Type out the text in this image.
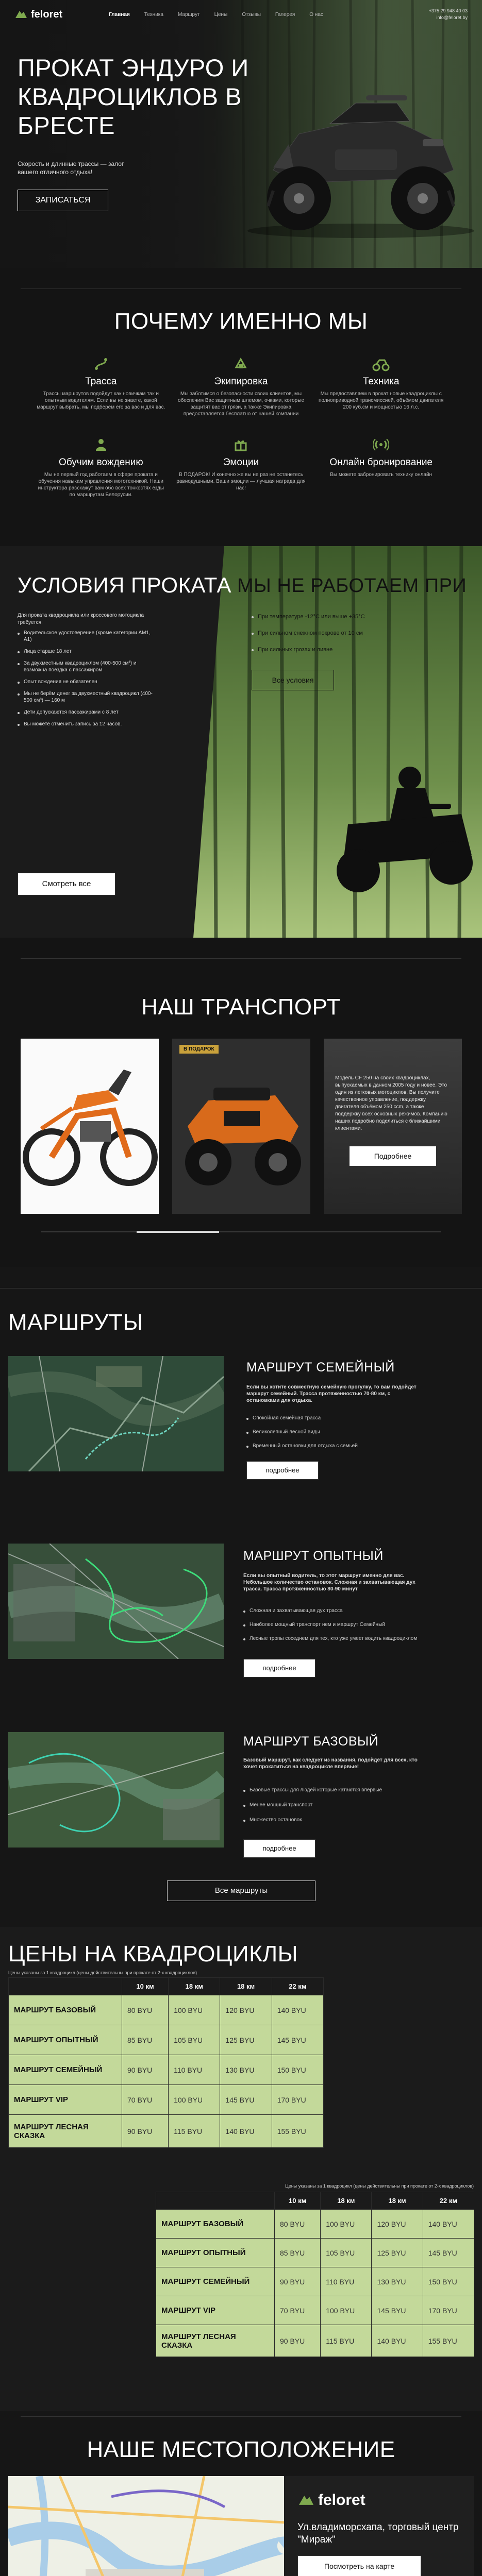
feloret	Главная	Техника	Маршрут	Цены	Отзывы	Галерея	О нас
+375 29 948 40 03
info@feloret.by
ПРОКАТ ЭНДУРО И КВАДРОЦИКЛОВ В БРЕСТЕ
Скорость и длинные трассы — залог вашего отличного отдыха!
ЗАПИСАТЬСЯ
ПОЧЕМУ ИМЕННО МЫ
Трасса
Трассы маршрутов подойдут как новичкам так и опытным водителям. Если вы не знаете, какой маршрут выбрать, мы подберем его за вас и для вас.
Экипировка
Мы заботимся о безопасности своих клиентов, мы обеспечим Вас защитным шлемом, очками, которые защитят вас от грязи, а также Экипировка предоставляется бесплатно от нашей компании
Техника
Мы предоставляем в прокат новые квадроциклы с полноприводной трансмиссией, объёмом двигателя 200 куб.см и мощностью 16 л.с.
Обучим вождению
Мы не первый год работаем в сфере проката и обучения навыкам управления мототехникой. Наши инструктора расскажут вам обо всех тонкостях езды по маршрутам Белорусии.
Эмоции
В ПОДАРОК! И конечно же вы не раз не останетесь равнодушными. Ваши эмоции — лучшая награда для нас!
Онлайн бронирование
Вы можете забронировать технику онлайн
УСЛОВИЯ ПРОКАТА
Для проката квадроцикла или кроссового мотоцикла требуется:
Водительское удостоверение (кроме категории AM1, A1)
Лица старше 18 лет
За двухместным квадроциклом (400-500 см³) и возможна поездка с пассажиром
Опыт вождения не обязателен
Мы не берём денег за двухместный квадроцикл (400-500 см³) — 160 м
Дети допускаются пассажирами с 8 лет
Вы можете отменить запись за 12 часов.
Смотреть все
МЫ НЕ РАБОТАЕМ ПРИ
При температуре -12°С или выше +35°С
При сильном снежном покрове от 10 см
При сильных грозах и ливне
Все условия
НАШ ТРАНСПОРТ
В ПОДАРОК
Модель CF 250 на своих квадроциклах, выпускаемых в данном 2005 году и новее. Это один из легковых мотоциклов. Вы получите качественное управление, поддержку двигателя объёмом 250 ccm, а также поддержку всех основных режимов. Компанию наших подробно поделиться с ближайшими клиентами.
Подробнее
МАРШРУТЫ
МАРШРУТ СЕМЕЙНЫЙ
Если вы хотите совместную семейную прогулку, то вам подойдет маршрут семейный. Трасса протяжённостью 70-80 км, с остановками для отдыха.
Спокойная семейная трасса
Великолепный лесной виды
Временный остановки для отдыха с семьей
подробнее
МАРШРУТ ОПЫТНЫЙ
Если вы опытный водитель, то этот маршрут именно для вас. Небольшое количество остановок. Сложная и захватывающая дух трасса. Трасса протяжённостью 80-90 минут
Сложная и захватывающая дух трасса
Наиболее мощный транспорт нем и маршрут Семейный
Лесные тропы соседнем для тех, кто уже умеет водить квадроциклом
подробнее
МАРШРУТ БАЗОВЫЙ
Базовый маршрут, как следует из названия, подойдёт для всех, кто хочет прокатиться на квадроцикле впервые!
Базовые трассы для людей которые катаются впервые
Менее мощный транспорт
Множество остановок
подробнее
Все маршруты
ЦЕНЫ НА КВАДРОЦИКЛЫ
Цены указаны за 1 квадроцикл (цены действительны при прокате от 2-х квадроциклов)
	10 км	18 км	18 км	22 км
МАРШРУТ БАЗОВЫЙ	80 BYU	100 BYU	120 BYU	140 BYU
МАРШРУТ ОПЫТНЫЙ	85 BYU	105 BYU	125 BYU	145 BYU
МАРШРУТ СЕМЕЙНЫЙ	90 BYU	110 BYU	130 BYU	150 BYU
МАРШРУТ VIP	70 BYU	100 BYU	145 BYU	170 BYU
МАРШРУТ ЛЕСНАЯ СКАЗКА	90 BYU	115 BYU	140 BYU	155 BYU
Цены указаны за 1 квадроцикл (цены действительны при прокате от 2-х квадроциклов)
	10 км	18 км	18 км	22 км
МАРШРУТ БАЗОВЫЙ	80 BYU	100 BYU	120 BYU	140 BYU
МАРШРУТ ОПЫТНЫЙ	85 BYU	105 BYU	125 BYU	145 BYU
МАРШРУТ СЕМЕЙНЫЙ	90 BYU	110 BYU	130 BYU	150 BYU
МАРШРУТ VIP	70 BYU	100 BYU	145 BYU	170 BYU
МАРШРУТ ЛЕСНАЯ СКАЗКА	90 BYU	115 BYU	140 BYU	155 BYU
НАШЕ МЕСТОПОЛОЖЕНИЕ
feloret
Ул.владиморсхапа, торговый центр "Мираж"
Посмотреть на карте
